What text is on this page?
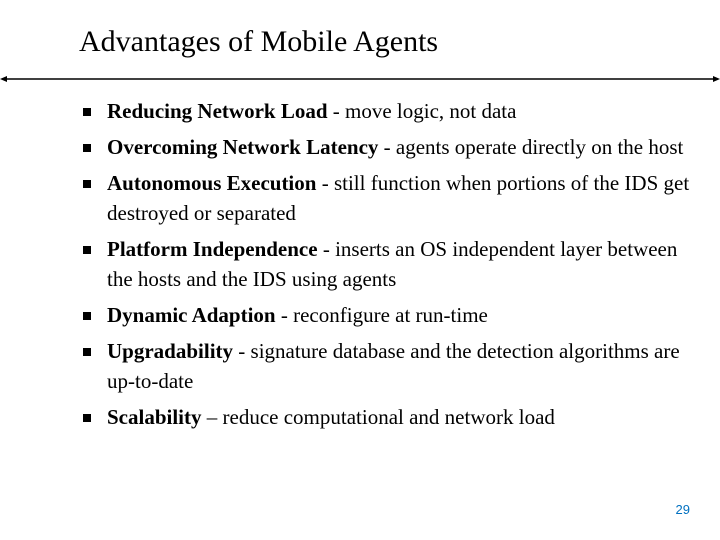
Advantages of Mobile Agents
Reducing Network Load - move logic, not data
Overcoming Network Latency - agents operate directly on the host
Autonomous Execution - still function when portions of the IDS get destroyed or separated
Platform Independence - inserts an OS independent layer between the hosts and the IDS using agents
Dynamic Adaption - reconfigure at run-time
Upgradability - signature database and the detection algorithms are up-to-date
Scalability – reduce computational and network load
29
